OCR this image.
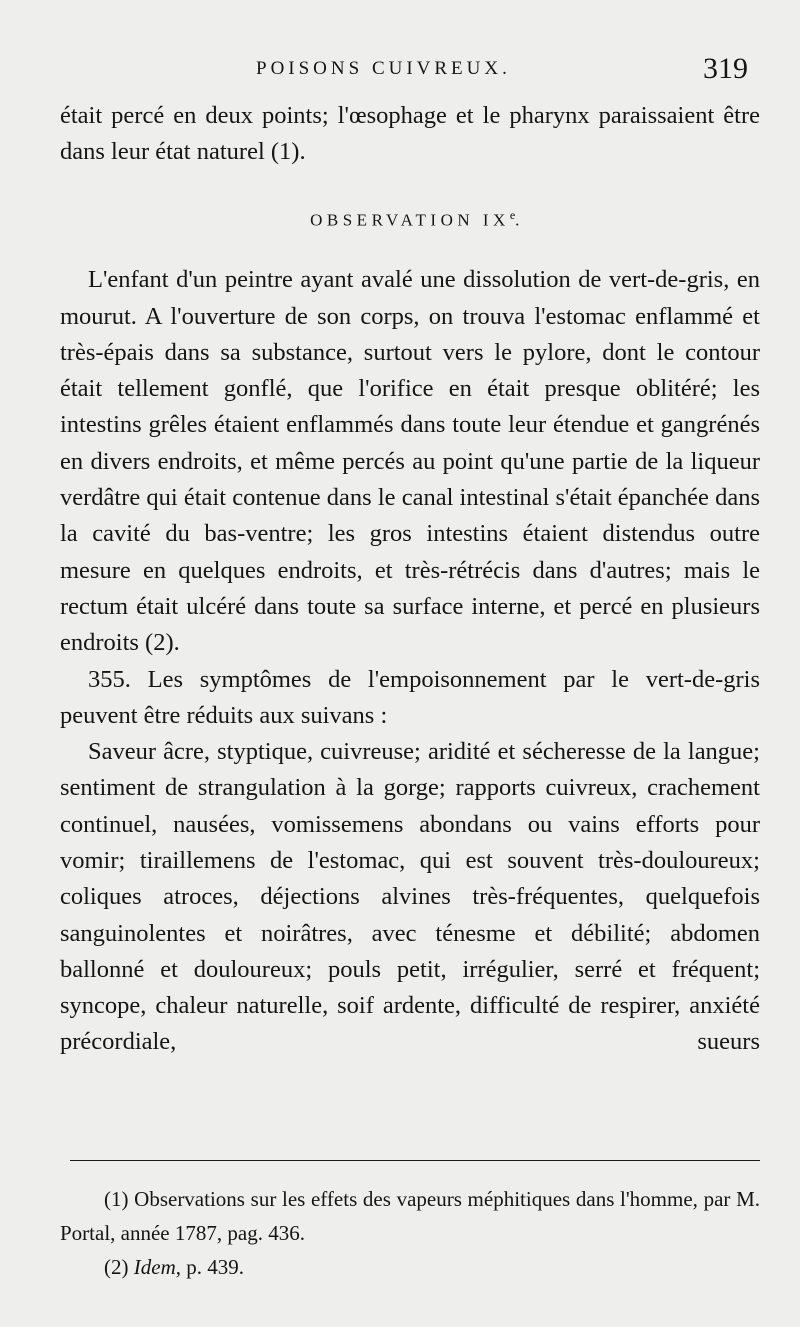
POISONS CUIVREUX.	319

était percé en deux points; l'œsophage et le pharynx paraissaient être dans leur état naturel (1).

OBSERVATION IXe.

L'enfant d'un peintre ayant avalé une dissolution de vert-de-gris, en mourut. A l'ouverture de son corps, on trouva l'estomac enflammé et très-épais dans sa substance, surtout vers le pylore, dont le contour était tellement gonflé, que l'orifice en était presque oblitéré; les intestins grêles étaient enflammés dans toute leur étendue et gangrénés en divers endroits, et même percés au point qu'une partie de la liqueur verdâtre qui était contenue dans le canal intestinal s'était épanchée dans la cavité du bas-ventre; les gros intestins étaient distendus outre mesure en quelques endroits, et très-rétrécis dans d'autres; mais le rectum était ulcéré dans toute sa surface interne, et percé en plusieurs endroits (2).

355. Les symptômes de l'empoisonnement par le vert-de-gris peuvent être réduits aux suivans :

Saveur âcre, styptique, cuivreuse; aridité et sécheresse de la langue; sentiment de strangulation à la gorge; rapports cuivreux, crachement continuel, nausées, vomissemens abondans ou vains efforts pour vomir; tiraillemens de l'estomac, qui est souvent très-douloureux; coliques atroces, déjections alvines très-fréquentes, quelquefois sanguinolentes et noirâtres, avec ténesme et débilité; abdomen ballonné et douloureux; pouls petit, irrégulier, serré et fréquent; syncope, chaleur naturelle, soif ardente, difficulté de respirer, anxiété précordiale, sueurs

(1) Observations sur les effets des vapeurs méphitiques dans l'homme, par M. Portal, année 1787, pag. 436.

(2) Idem, p. 439.
